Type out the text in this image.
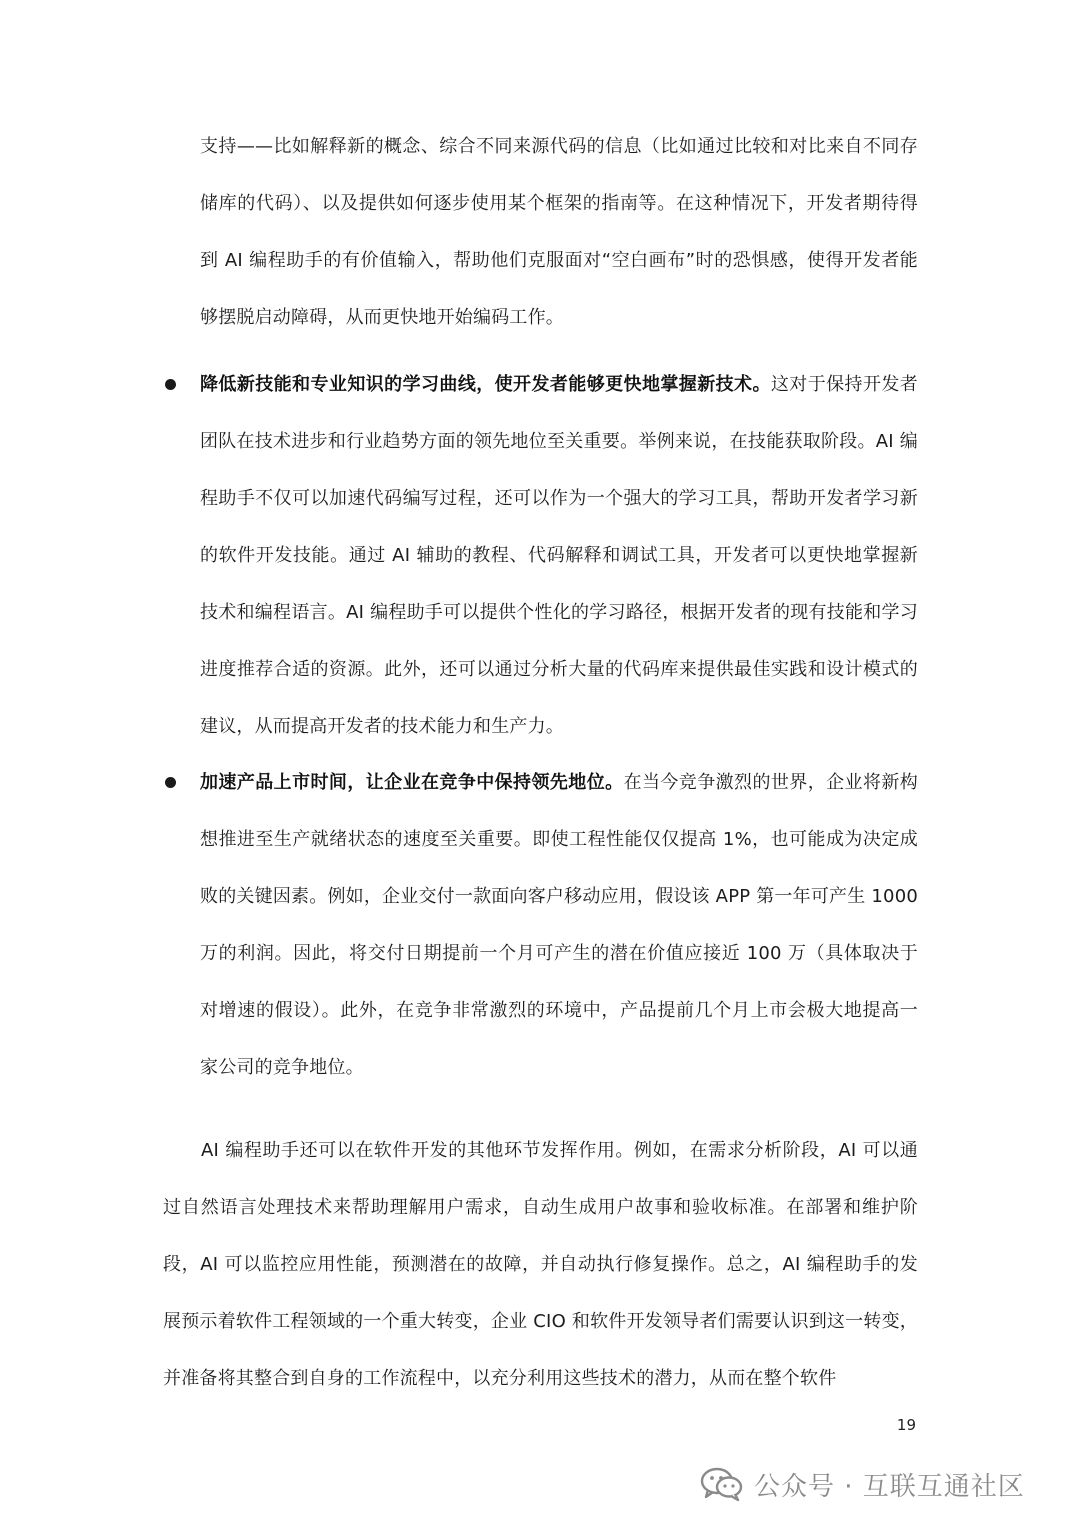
支持——比如解释新的概念、综合不同来源代码的信息（比如通过比较和对比来自不同存储库的代码）、以及提供如何逐步使用某个框架的指南等。在这种情况下，开发者期待得到 AI 编程助手的有价值输入，帮助他们克服面对“空白画布”时的恐惧感，使得开发者能够摆脱启动障碍，从而更快地开始编码工作。

降低新技能和专业知识的学习曲线，使开发者能够更快地掌握新技术。这对于保持开发者团队在技术进步和行业趋势方面的领先地位至关重要。举例来说，在技能获取阶段。AI 编程助手不仅可以加速代码编写过程，还可以作为一个强大的学习工具，帮助开发者学习新的软件开发技能。通过 AI 辅助的教程、代码解释和调试工具，开发者可以更快地掌握新技术和编程语言。AI 编程助手可以提供个性化的学习路径，根据开发者的现有技能和学习进度推荐合适的资源。此外，还可以通过分析大量的代码库来提供最佳实践和设计模式的建议，从而提高开发者的技术能力和生产力。

加速产品上市时间，让企业在竞争中保持领先地位。在当今竞争激烈的世界，企业将新构想推进至生产就绪状态的速度至关重要。即使工程性能仅仅提高 1%，也可能成为决定成败的关键因素。例如，企业交付一款面向客户移动应用，假设该 APP 第一年可产生 1000 万的利润。因此，将交付日期提前一个月可产生的潜在价值应接近 100 万（具体取决于对增速的假设）。此外，在竞争非常激烈的环境中，产品提前几个月上市会极大地提高一家公司的竞争地位。

AI 编程助手还可以在软件开发的其他环节发挥作用。例如，在需求分析阶段，AI 可以通过自然语言处理技术来帮助理解用户需求，自动生成用户故事和验收标准。在部署和维护阶段，AI 可以监控应用性能，预测潜在的故障，并自动执行修复操作。总之，AI 编程助手的发展预示着软件工程领域的一个重大转变，企业 CIO 和软件开发领导者们需要认识到这一转变，并准备将其整合到自身的工作流程中，以充分利用这些技术的潜力，从而在整个软件

19
公众号 · 互联互通社区
